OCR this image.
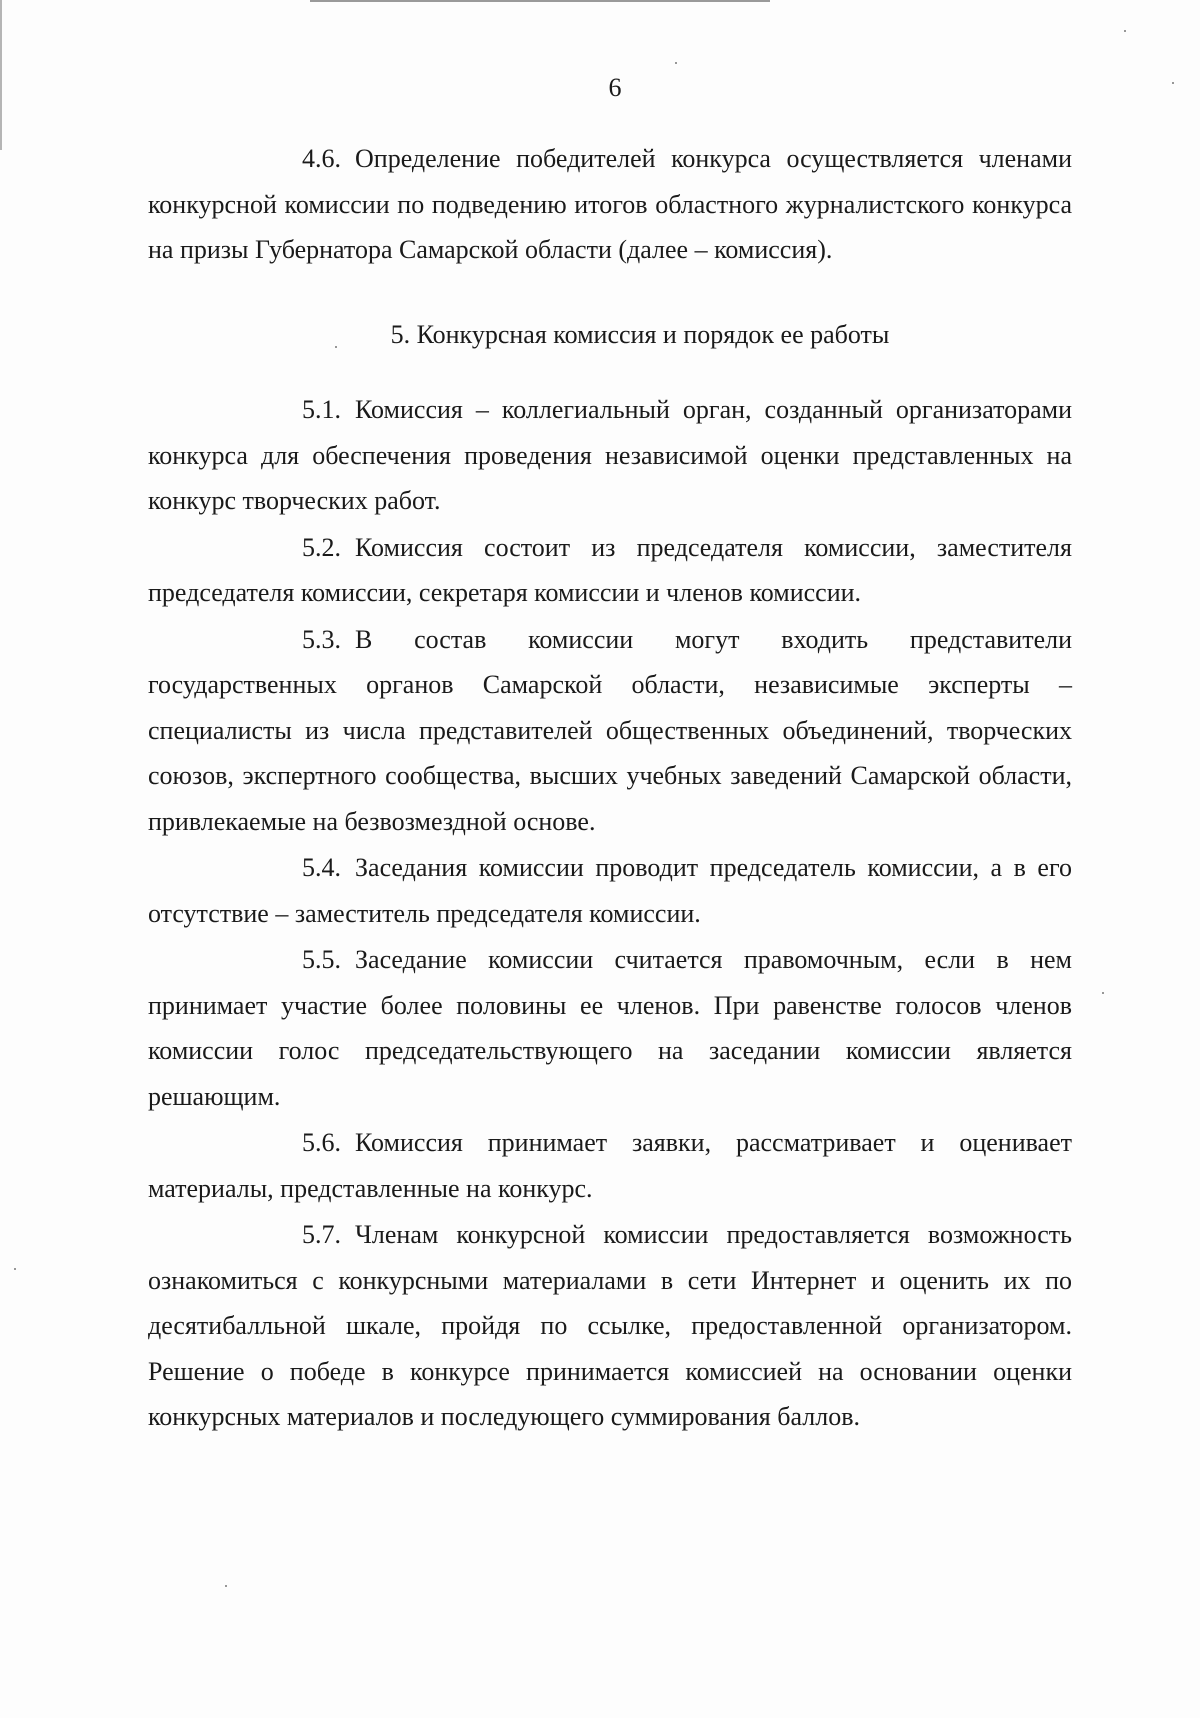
6

4.6. Определение победителей конкурса осуществляется членами конкурсной комиссии по подведению итогов областного журналистского конкурса на призы Губернатора Самарской области (далее – комиссия).

5. Конкурсная комиссия и порядок ее работы

5.1. Комиссия – коллегиальный орган, созданный организаторами конкурса для обеспечения проведения независимой оценки представленных на конкурс творческих работ.

5.2. Комиссия состоит из председателя комиссии, заместителя председателя комиссии, секретаря комиссии и членов комиссии.

5.3. В состав комиссии могут входить представители государственных органов Самарской области, независимые эксперты – специалисты из числа представителей общественных объединений, творческих союзов, экспертного сообщества, высших учебных заведений Самарской области, привлекаемые на безвозмездной основе.

5.4. Заседания комиссии проводит председатель комиссии, а в его отсутствие – заместитель председателя комиссии.

5.5. Заседание комиссии считается правомочным, если в нем принимает участие более половины ее членов. При равенстве голосов членов комиссии голос председательствующего на заседании комиссии является решающим.

5.6. Комиссия принимает заявки, рассматривает и оценивает материалы, представленные на конкурс.

5.7. Членам конкурсной комиссии предоставляется возможность ознакомиться с конкурсными материалами в сети Интернет и оценить их по десятибалльной шкале, пройдя по ссылке, предоставленной организатором. Решение о победе в конкурсе принимается комиссией на основании оценки конкурсных материалов и последующего суммирования баллов.
